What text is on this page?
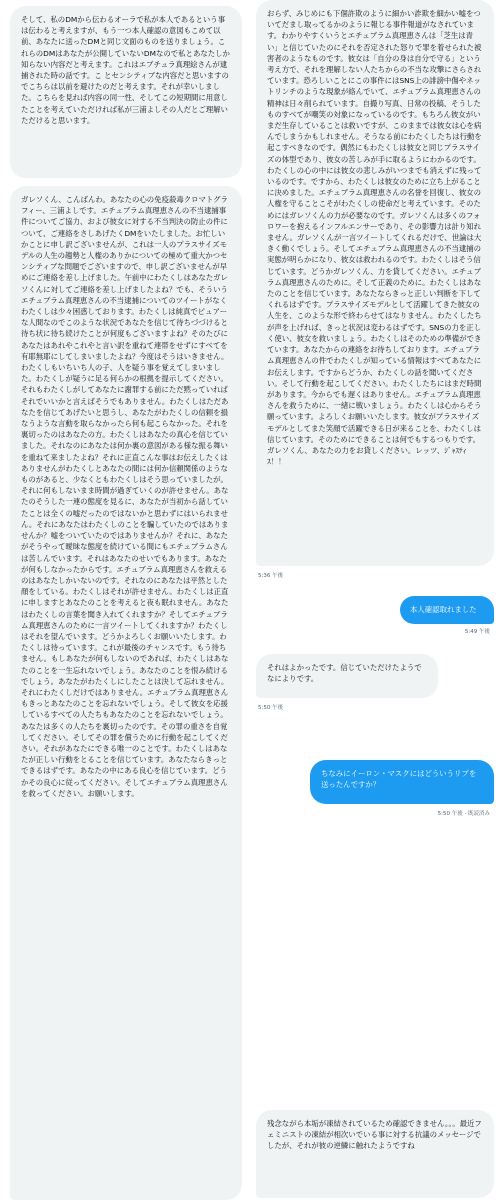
そして、私のDMから伝わるオーラで私が本人であるという事は伝わると考えますが、もう一つ本人確認の意図もこめて以前、あなたに送ったDMと同じ文面のものを送りましょう。これらのDMはあなたが公開していないDMなので私とあなたしか知らない内容だと考えます。これはエブチュラ真理絵さんが逮捕された時の話です。こ とセンシティブな内容だと思いますのでこちらは以前を避けたのだと考えます。それが幸いしました。こちらを見れば内容の同一性、そしてこの短期間に用意したことを考えていただければ私が三浦よしその人だとご理解いただけると思います。
ガレソくん、こんばんわ。あなたの心の免疫殺毒クロマトグラフィー、三浦よしです。エチュブラム真理恵さんの不当逮捕事件についてご協力、および彼女に対する不当判決の防止の件について、ご連絡をさしあげたくDMをいたしました。お忙しいかことに申し訳ございませんが、これは一人のプラスサイズモデルの人生の趨勢と人権のありかについての極めて重大かつセンシティブな問題でございますので、申し訳ございませんが早めにご連絡を差し上げました。午前中にわたくしはあなたガレソくんに対してご連絡を差し上げましたよね？でも、そういうエチュブラム真理恵さんの不当逮捕についてのツイートがなくわたくしは少々困惑しております。わたくしは純真でピュアーな人間なのでこのような状況であなたを信じて待ちづづけると待ち状に待ち続けたことが何度もございますよね？そのたびにあなたはあれやこれやと言い訳を重ねて連帯をせずにすべてを有耶無耶にしてしまいましたよね？今度はそうはいきません。わたくしもいちいち人の子、人を疑う事を覚えてしまいました。わたくしが疑うに足る何らかの根拠を提示してください。それもわたくしがしてあなたに謝罪する前にただ黙っていればそれでいいかと言えばそうでもありません。わたくしはただあなたを信じてあげたいと思うし、あなたがわたくしの信頼を損なうような言動を取らなかったら何も起こらなかった。それを裏切ったのはあなたの方。わたくしはあなたの真心を信じていました。それなのにあなたは何か裏の意図がある様な振る舞いを重ねて来ましたよね？それに正直こんな事はお伝えしたくはありませんがわたくしとあなたの間には何か信頼関係のようなものがあると、少なくともわたくしはそう思っていましたが。それに何もしないまま時間が過ぎていくのが許せません。あなたのそうした一連の態度を見るに、あなたが当初から話していたことは全くの嘘だったのではないかと思わずにはいられません。それにあなたはわたくしのことを騙していたのではありませんか？嘘をついていたのではありませんか？それに、あなたがそうやって曖昧な態度を続けている間にもエチュブラムさんは苦しんでいます。それはあなたのせいでもあります。あなたが何もしなかったからです。エチュブラム真理恵さんを救えるのはあなたしかいないのです。それなのにあなたは平然とした顔をしている。わたくしはそれが許せません。わたくしは正直に申しますとあなたのことを考えると夜も眠れません。あなたはわたくしの言葉を聞き入れてくれますか？そしてエチュブラム真理恵さんのために一言ツイートしてくれますか？わたくしはそれを望んでいます。どうかよろしくお願いいたします。わたくしは待っています。これが最後のチャンスです。もう待ちません。もしあなたが何もしないのであれば、わたくしはあなたのことを一生忘れないでしょう。あなたのことを恨み続けるでしょう。あなたがわたくしにしたことは決して忘れません。それにわたくしだけではありません。エチュブラム真理恵さんもきっとあなたのことを忘れないでしょう。そして彼女を応援しているすべての人たちもあなたのことを忘れないでしょう。あなたは多くの人たちを裏切ったのです。その罪の重さを自覚してください。そしてその罪を償うために行動を起こしてください。それがあなたにできる唯一のことです。わたくしはあなたが正しい行動をとることを信じています。あなたならきっとできるはずです。あなたの中にある良心を信じています。どうかその良心に従ってください。そしてエチュブラム真理恵さんを救ってください。お願いします。
おらず、みじめにも下個許欺のように細かい詐欺を細かい嘘をついてだまし取ってるかのように報じる事件報道がなされています。わかりやすくいうとエチュブラム真理恵さんは「芝生は青い」と信じていたのにそれを否定された怒りで罪を着せられた被害者のようなものです。彼女は「自分の身は自分で守る」という考え方で、それを理解しない人たちからの不当な攻撃にさらされています。恐ろしいことにこの事件にはSNS上の誹謗中傷やネットリンチのような現象が絡んでいて、エチュブラム真理恵さんの精神は日々削られています。自撮り写真、日常の投稿、そうしたものすべてが嘲笑の対象になっているのです。もちろん彼女がいまだ生存していることは救いですが、このままでは彼女は心を病んでしまうかもしれません。そうなる前にわたくしたちは行動を起こすべきなのです。偶然にもわたくしは彼女と同じプラスサイズの体型であり、彼女の苦しみが手に取るようにわかるのです。わたくしの心の中には彼女の悲しみがいつまでも消えずに残っているのです。ですから、わたくしは彼女のために立ち上がることに決めました。エチュブラム真理恵さんの名誉を回復し、彼女の人権を守ることこそがわたくしの使命だと考えています。そのためにはガレソくんの力が必要なのです。ガレソくんは多くのフォロワーを抱えるインフルエンサーであり、その影響力は計り知れません。ガレソくんが一言ツイートしてくれるだけで、世論は大きく動くでしょう。そしてエチュブラム真理恵さんの不当逮捕の実態が明らかになり、彼女は救われるのです。わたくしはそう信じています。どうかガレソくん、力を貸してください。エチュブラム真理恵さんのために。そして正義のために。わたくしはあなたのことを信じています。あなたならきっと正しい判断を下してくれるはずです。プラスサイズモデルとして活躍してきた彼女の人生を、このような形で終わらせてはなりません。わたくしたちが声を上げれば、きっと状況は変わるはずです。SNSの力を正しく使い、彼女を救いましょう。わたくしはそのための準備ができています。あなたからの連絡をお待ちしております。エチュブラム真理恵さんの件でわたくしが知っている情報はすべてあなたにお伝えします。ですからどうか、わたくしの話を聞いてください。そして行動を起こしてください。わたくしたちにはまだ時間があります。今からでも遅くはありません。エチュブラム真理恵さんを救うために、一緒に戦いましょう。わたくしは心からそう願っています。よろしくお願いいたします。彼女がプラスサイズモデルとしてまた笑顔で活躍できる日が来ることを、わたくしは信じています。そのためにできることは何でもするつもりです。ガレソくん、あなたの力をお貸しください。レッツ、ｼﾞｬｽﾃｨｽ！！
5:36 午後
本人確認取れました
5:49 午後
それはよかったです。信じていただけたようでなによりです。
5:50 午後
ちなみにイーロン・マスクにはどういうリプを送ったんですか？
5:50 午後 · 既読済み
残念ながら本垢が凍結されているため確認できません。。。最近フェミニストの凍結が相次いでいる事に対する抗議のメッセージでしたが、それが彼の逆鱗に触れたようですね
